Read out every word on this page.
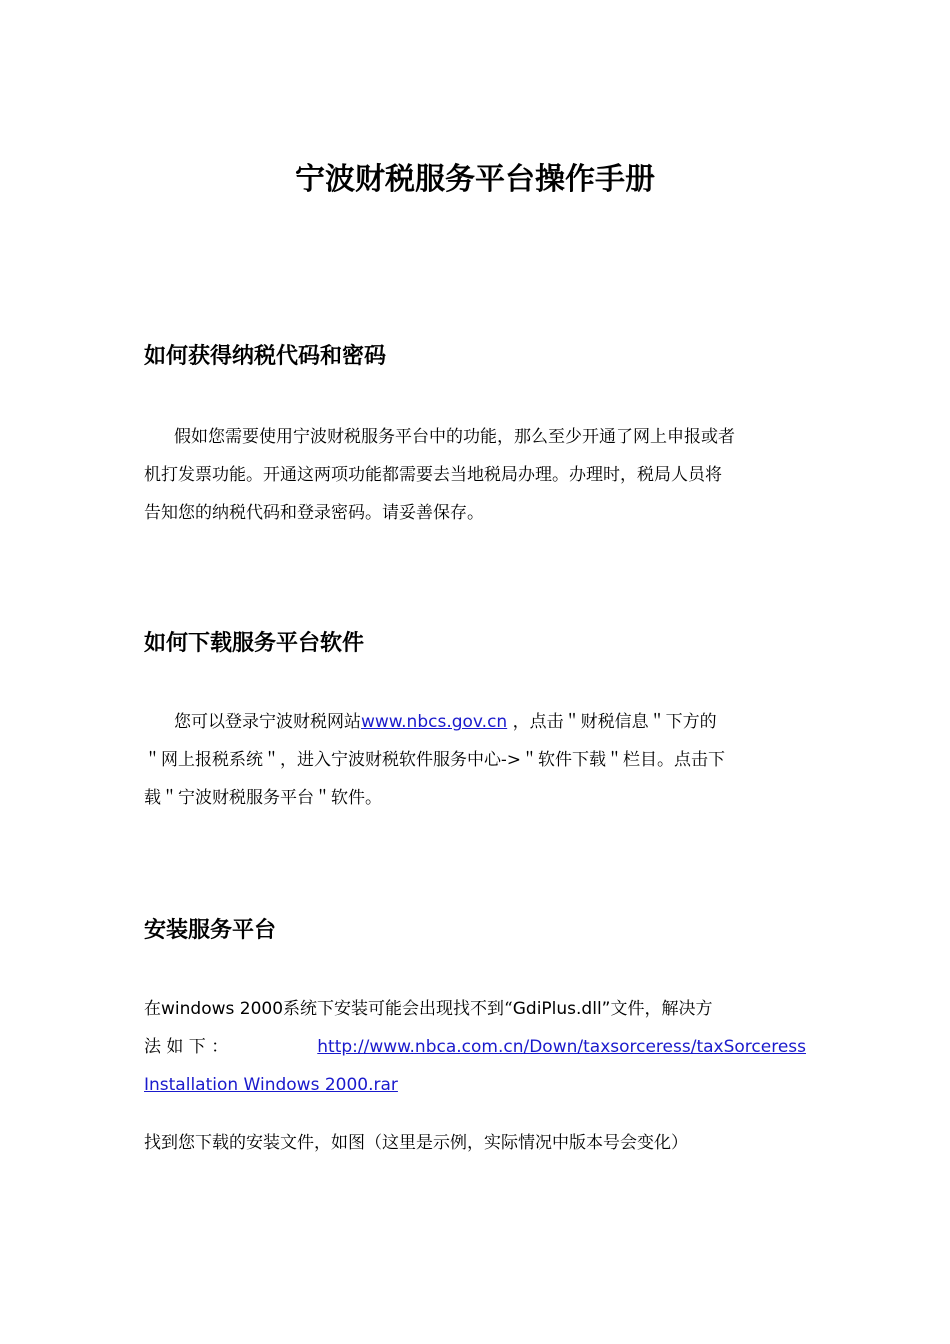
宁波财税服务平台操作手册
如何获得纳税代码和密码
假如您需要使用宁波财税服务平台中的功能，那么至少开通了网上申报或者
机打发票功能。开通这两项功能都需要去当地税局办理。办理时，税局人员将
告知您的纳税代码和登录密码。请妥善保存。
如何下载服务平台软件
您可以登录宁波财税网站www.nbcs.gov.cn ，点击＂财税信息＂下方的
＂网上报税系统＂，进入宁波财税软件服务中心->＂软件下载＂栏目。点击下
载＂宁波财税服务平台＂软件。
安装服务平台
在windows 2000系统下安装可能会出现找不到“GdiPlus.dll”文件，解决方
法 如 下 ：	http://www.nbca.com.cn/Down/taxsorceress/taxSorceress
Installation Windows 2000.rar
找到您下载的安装文件，如图（这里是示例，实际情况中版本号会变化）
